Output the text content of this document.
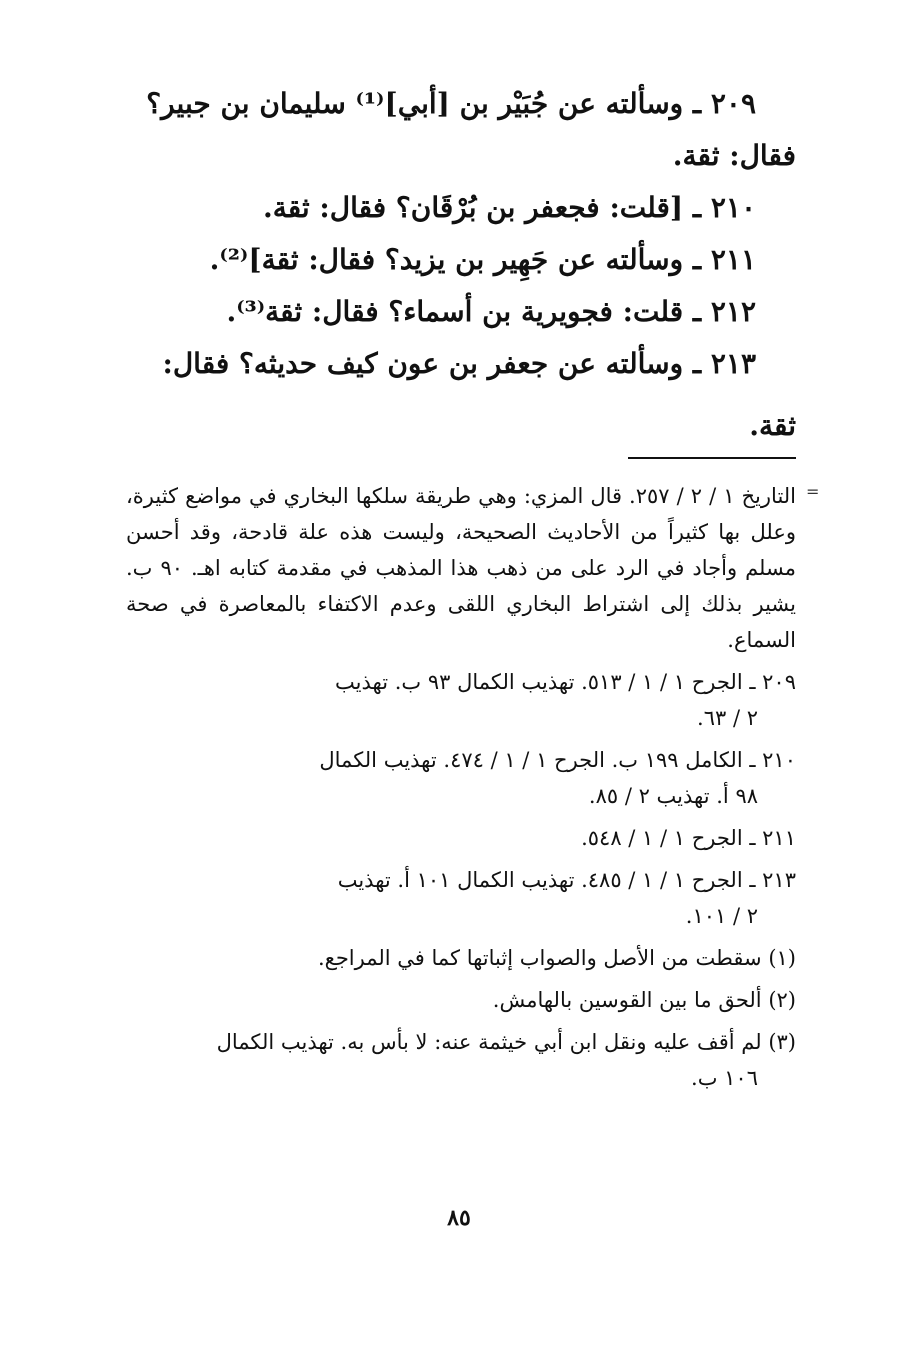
٢٠٩ ـ وسألته عن جُبَيْر بن [أبي]⁽¹⁾ سليمان بن جبير؟

فقال: ثقة.

٢١٠ ـ [قلت: فجعفر بن بُرْقَان؟ فقال: ثقة.

٢١١ ـ وسألته عن جَهِير بن يزيد؟ فقال: ثقة]⁽²⁾.

٢١٢ ـ قلت: فجويرية بن أسماء؟ فقال: ثقة⁽³⁾.

٢١٣ ـ وسألته عن جعفر بن عون كيف حديثه؟ فقال:

ثقة.

=

التاريخ ١ / ٢ / ٢٥٧. قال المزي: وهي طريقة سلكها البخاري في مواضع كثيرة، وعلل بها كثيراً من الأحاديث الصحيحة، وليست هذه علة قادحة، وقد أحسن مسلم وأجاد في الرد على من ذهب هذا المذهب في مقدمة كتابه اهـ. ٩٠ ب. يشير بذلك إلى اشتراط البخاري اللقى وعدم الاكتفاء بالمعاصرة في صحة السماع.

٢٠٩ ـ الجرح ١ / ١ / ٥١٣. تهذيب الكمال ٩٣ ب. تهذيب

٢ / ٦٣.

٢١٠ ـ الكامل ١٩٩ ب. الجرح ١ / ١ / ٤٧٤. تهذيب الكمال

٩٨ أ. تهذيب ٢ / ٨٥.

٢١١ ـ الجرح ١ / ١ / ٥٤٨.

٢١٣ ـ الجرح ١ / ١ / ٤٨٥. تهذيب الكمال ١٠١ أ. تهذيب

٢ / ١٠١.

(١) سقطت من الأصل والصواب إثباتها كما في المراجع.

(٢) ألحق ما بين القوسين بالهامش.

(٣) لم أقف عليه ونقل ابن أبي خيثمة عنه: لا بأس به. تهذيب الكمال

١٠٦ ب.

٨٥
